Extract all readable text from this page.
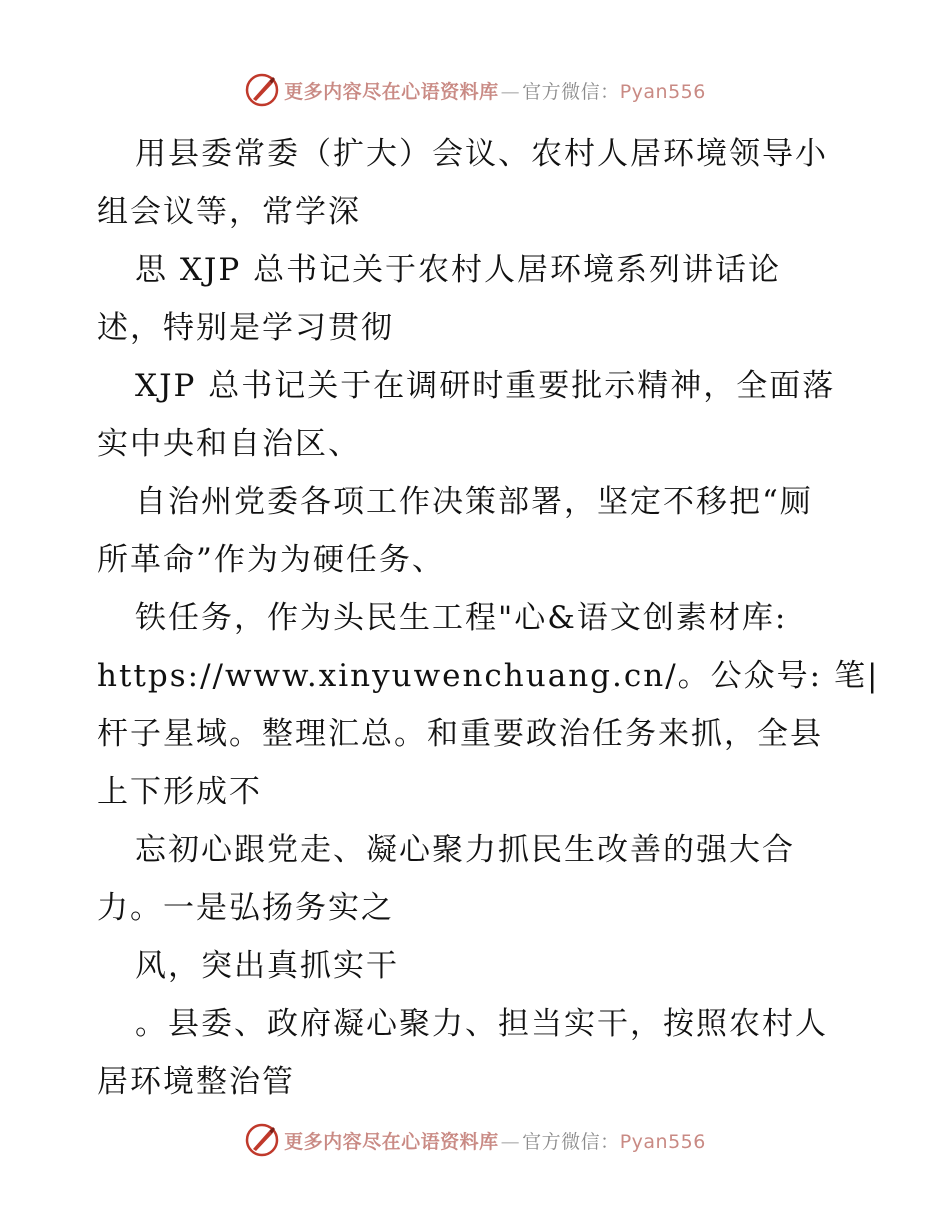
更多内容尽在心语资料库 — 官方微信：Pyan556
用县委常委（扩大）会议、农村人居环境领导小
组会议等，常学深
思 XJP 总书记关于农村人居环境系列讲话论
述，特别是学习贯彻
XJP 总书记关于在调研时重要批示精神，全面落
实中央和自治区、
自治州党委各项工作决策部署，坚定不移把“厕
所革命”作为为硬任务、
铁任务，作为头民生工程"心&语文创素材库:
https://www.xinyuwenchuang.cn/。公众号: 笔|
杆子星域。整理汇总。和重要政治任务来抓，全县
上下形成不
忘初心跟党走、凝心聚力抓民生改善的强大合
力。一是弘扬务实之
风，突出真抓实干
。县委、政府凝心聚力、担当实干，按照农村人
居环境整治管
更多内容尽在心语资料库 — 官方微信：Pyan556
